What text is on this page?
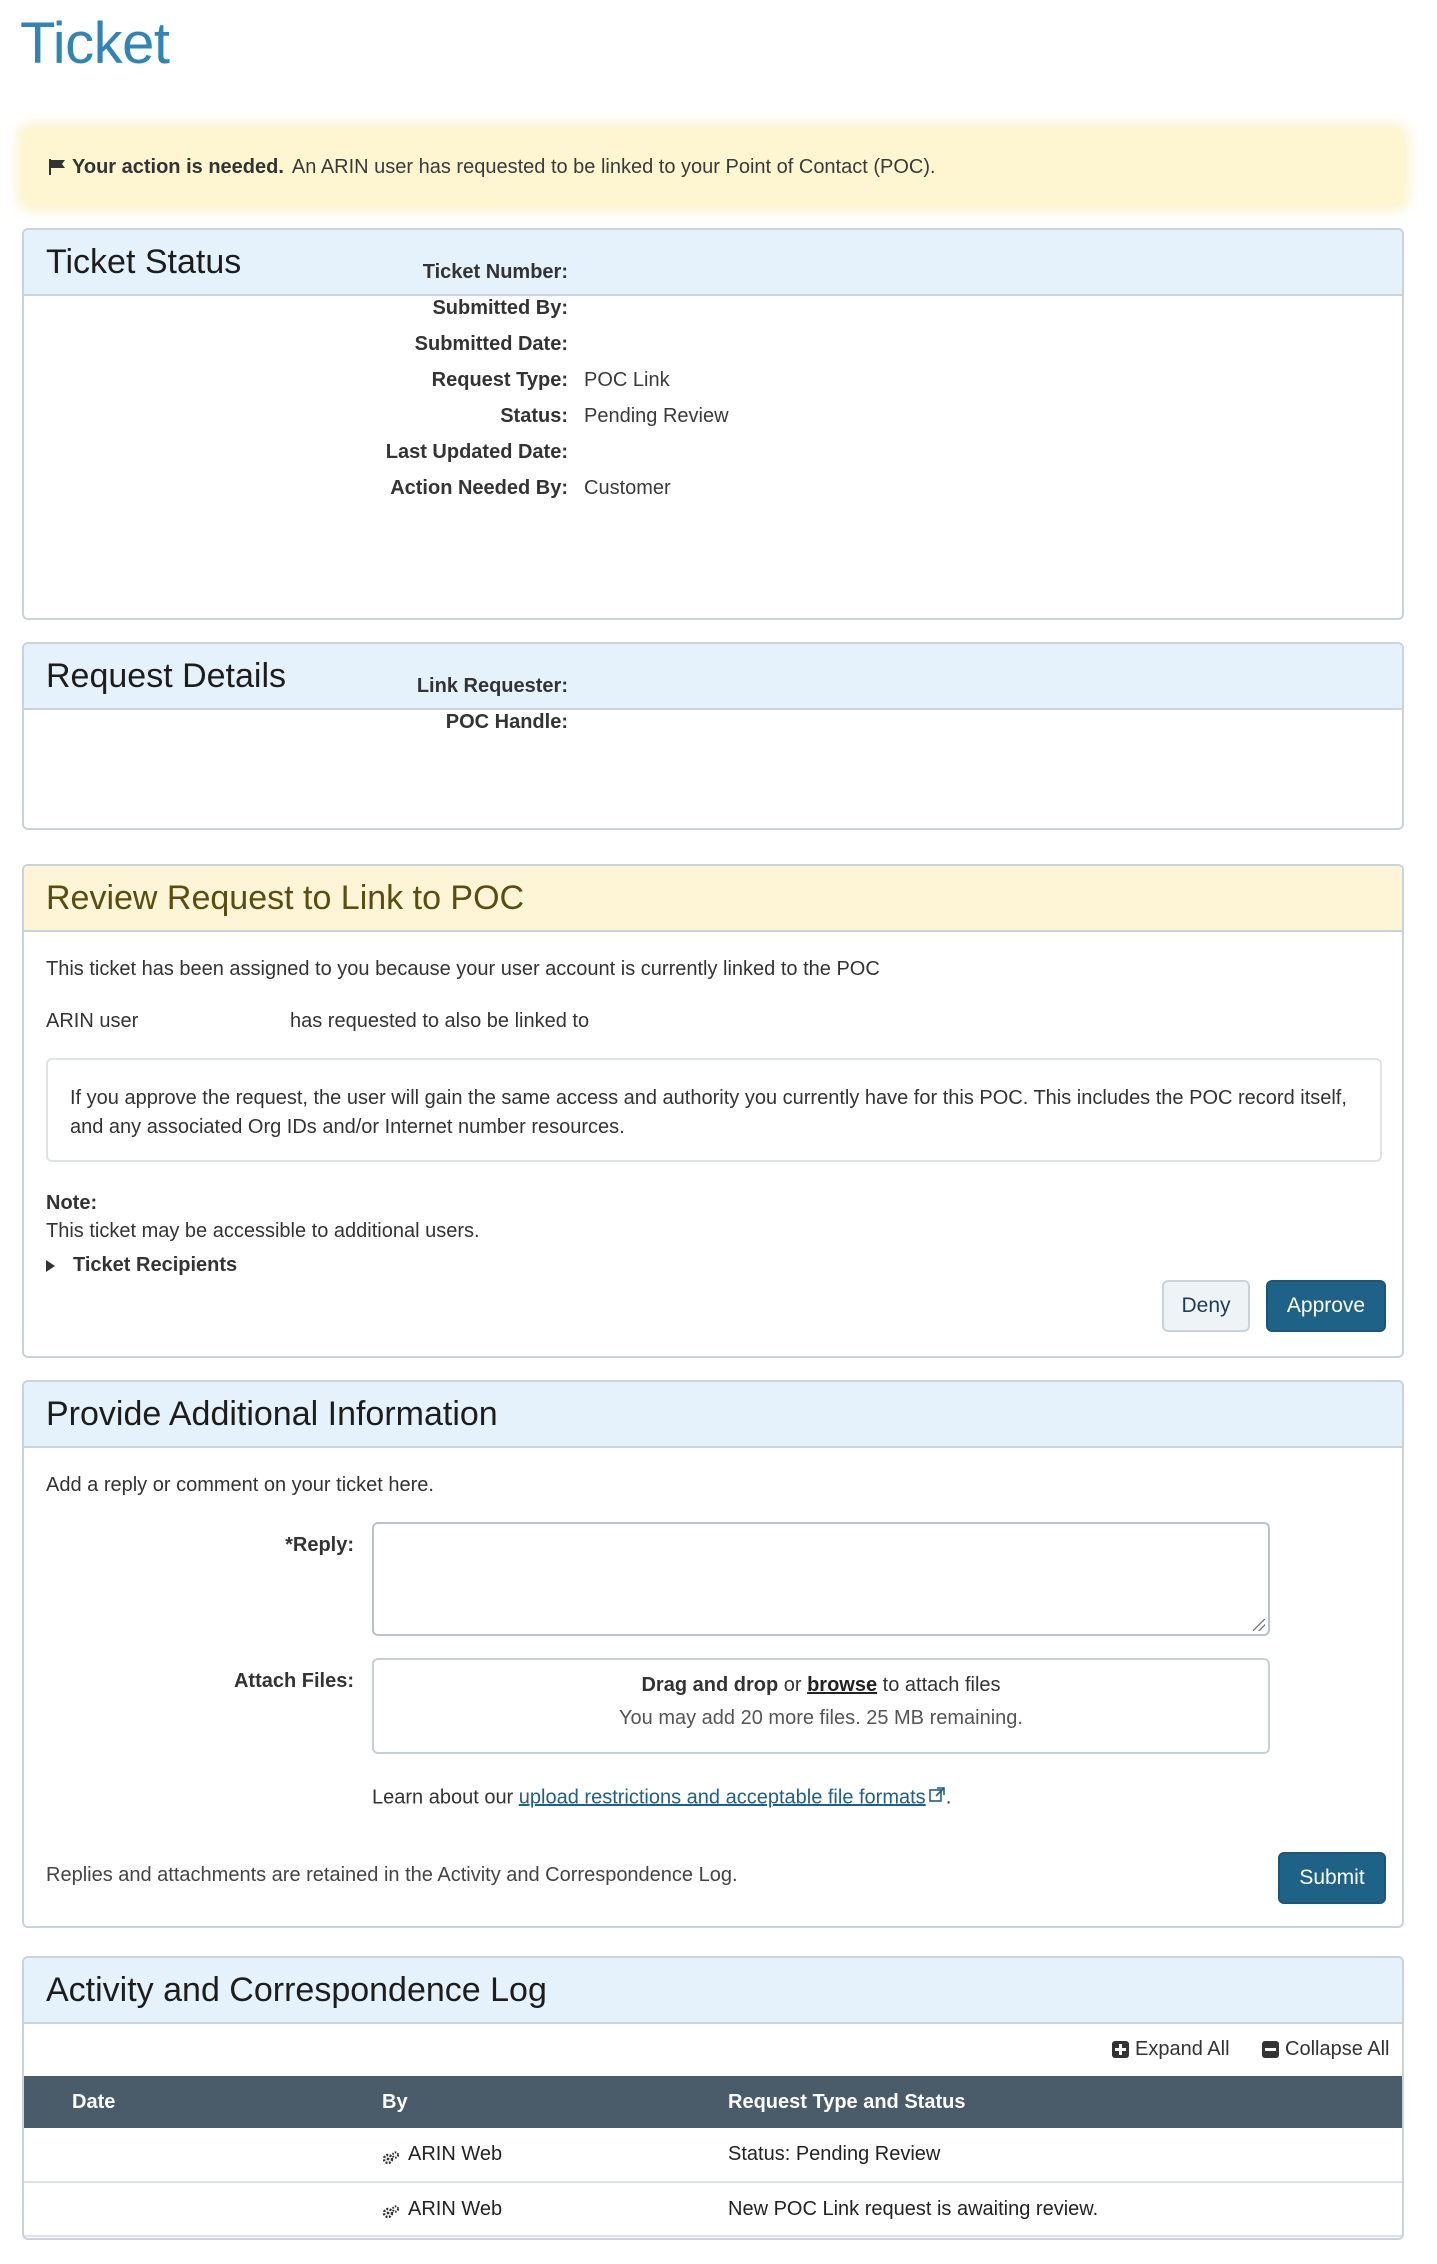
Ticket
Your action is needed. An ARIN user has requested to be linked to your Point of Contact (POC).
Ticket Status	Ticket Number:
Submitted By:
Submitted Date:
Request Type: POC Link
Status: Pending Review
Last Updated Date:
Action Needed By: Customer
Request Details	Link Requester:
POC Handle:
Review Request to Link to POC
This ticket has been assigned to you because your user account is currently linked to the POC
ARIN user	has requested to also be linked to
If you approve the request, the user will gain the same access and authority you currently have for this POC. This includes the POC record itself, and any associated Org IDs and/or Internet number resources.
Note:
This ticket may be accessible to additional users.
Ticket Recipients
Deny	Approve
Provide Additional Information
Add a reply or comment on your ticket here.
*Reply:
Attach Files:	Drag and drop or browse to attach files
You may add 20 more files. 25 MB remaining.
Learn about our upload restrictions and acceptable file formats .
Replies and attachments are retained in the Activity and Correspondence Log.	Submit
Activity and Correspondence Log
Expand All	Collapse All
Date	By	Request Type and Status
	ARIN Web	Status: Pending Review
	ARIN Web	New POC Link request is awaiting review.
